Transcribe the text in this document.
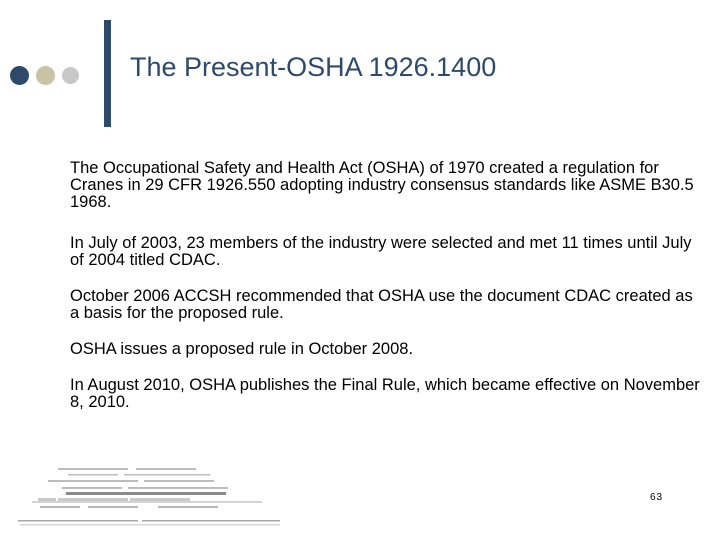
The Present-OSHA 1926.1400

The Occupational Safety and Health Act (OSHA) of 1970 created a regulation for Cranes in 29 CFR 1926.550 adopting industry consensus standards like ASME B30.5 1968.

In July of 2003, 23 members of the industry were selected and met 11 times until July of 2004 titled CDAC.

October 2006 ACCSH recommended that OSHA use the document CDAC created as a basis for the proposed rule.

OSHA issues a proposed rule in October 2008.

In August 2010, OSHA publishes the Final Rule, which became effective on November 8, 2010.

63
